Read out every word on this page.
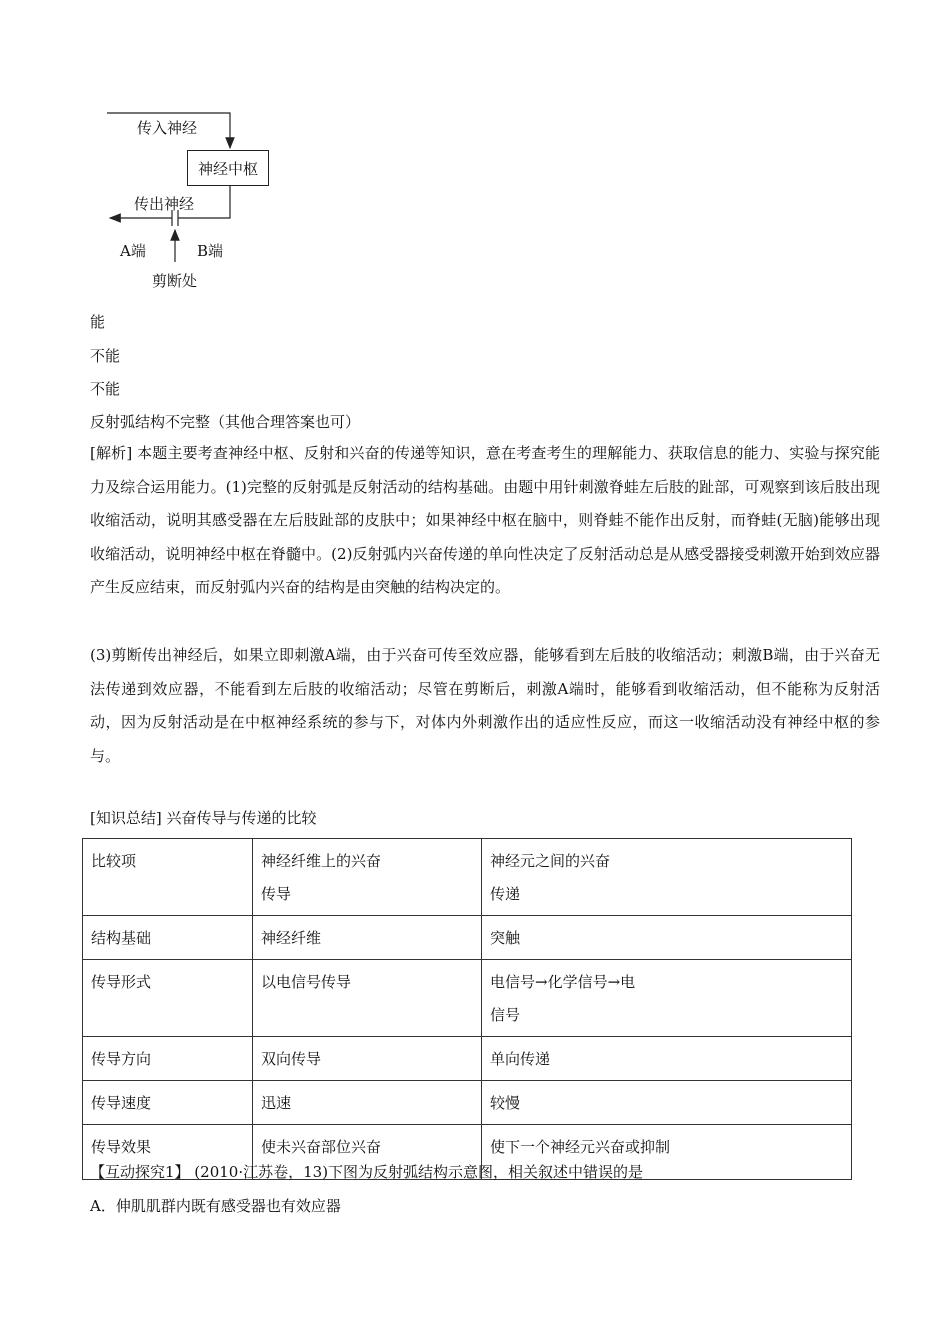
传入神经
神经中枢
传出神经
A端	B端
剪断处
能
不能
不能
反射弧结构不完整（其他合理答案也可）
[解析] 本题主要考查神经中枢、反射和兴奋的传递等知识，意在考查考生的理解能力、获取信息的能力、实验与探究能力及综合运用能力。(1)完整的反射弧是反射活动的结构基础。由题中用针刺激脊蛙左后肢的趾部，可观察到该后肢出现收缩活动，说明其感受器在左后肢趾部的皮肤中；如果神经中枢在脑中，则脊蛙不能作出反射，而脊蛙(无脑)能够出现收缩活动，说明神经中枢在脊髓中。(2)反射弧内兴奋传递的单向性决定了反射活动总是从感受器接受刺激开始到效应器产生反应结束，而反射弧内兴奋的结构是由突触的结构决定的。
(3)剪断传出神经后，如果立即刺激A端，由于兴奋可传至效应器，能够看到左后肢的收缩活动；刺激B端，由于兴奋无法传递到效应器，不能看到左后肢的收缩活动；尽管在剪断后，刺激A端时，能够看到收缩活动，但不能称为反射活动，因为反射活动是在中枢神经系统的参与下，对体内外刺激作出的适应性反应，而这一收缩活动没有神经中枢的参与。
[知识总结] 兴奋传导与传递的比较
比较项	神经纤维上的兴奋传导	神经元之间的兴奋传递

结构基础	神经纤维	突触
传导形式	以电信号传导	电信号→化学信号→电信号

传导方向	双向传导	单向传递
传导速度	迅速	较慢
传导效果	使未兴奋部位兴奋	使下一个神经元兴奋或抑制
【互动探究1】 (2010·江苏卷，13)下图为反射弧结构示意图，相关叙述中错误的是
A．伸肌肌群内既有感受器也有效应器
